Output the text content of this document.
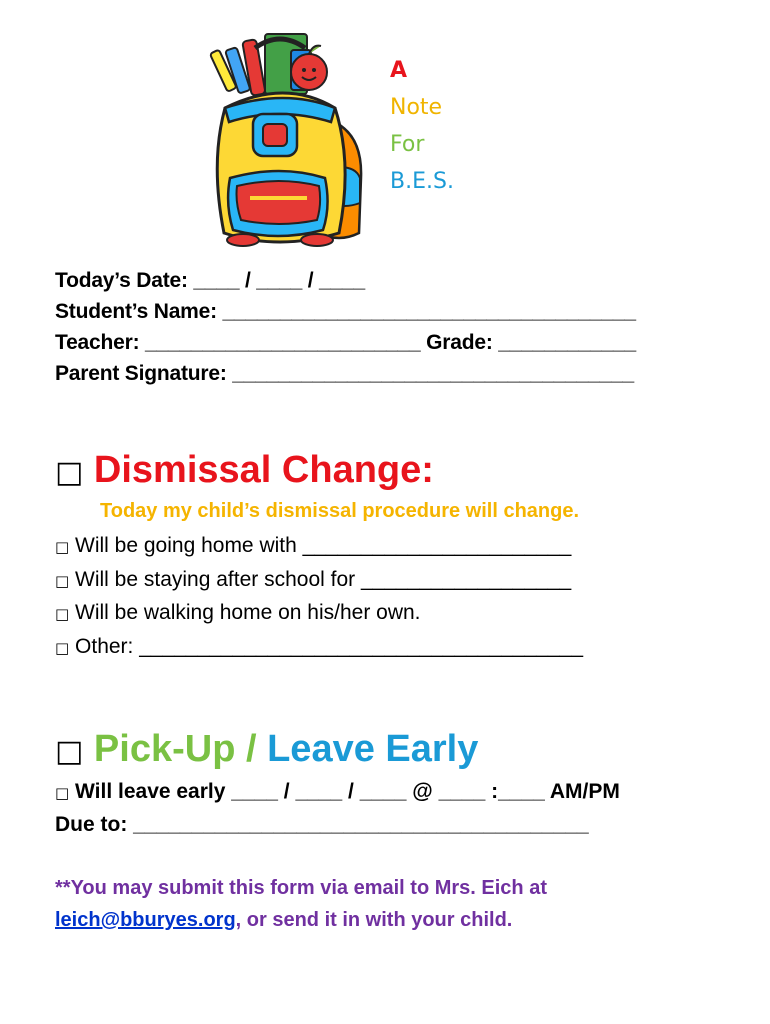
A
Note
For
B.E.S.
Today’s Date: ____ / ____ / ____
Student’s Name: ____________________________________
Teacher: ________________________ Grade: ____________
Parent Signature: ___________________________________
□ Dismissal Change:
Today my child’s dismissal procedure will change.
□ Will be going home with _______________________
□ Will be staying after school for __________________
□ Will be walking home on his/her own.
□ Other: ______________________________________
□ Pick-Up / Leave Early
□ Will leave early ____ / ____ / ____ @ ____ :____ AM/PM
Due to: _______________________________________
**You may submit this form via email to Mrs. Eich at
leich@bburyes.org, or send it in with your child.
